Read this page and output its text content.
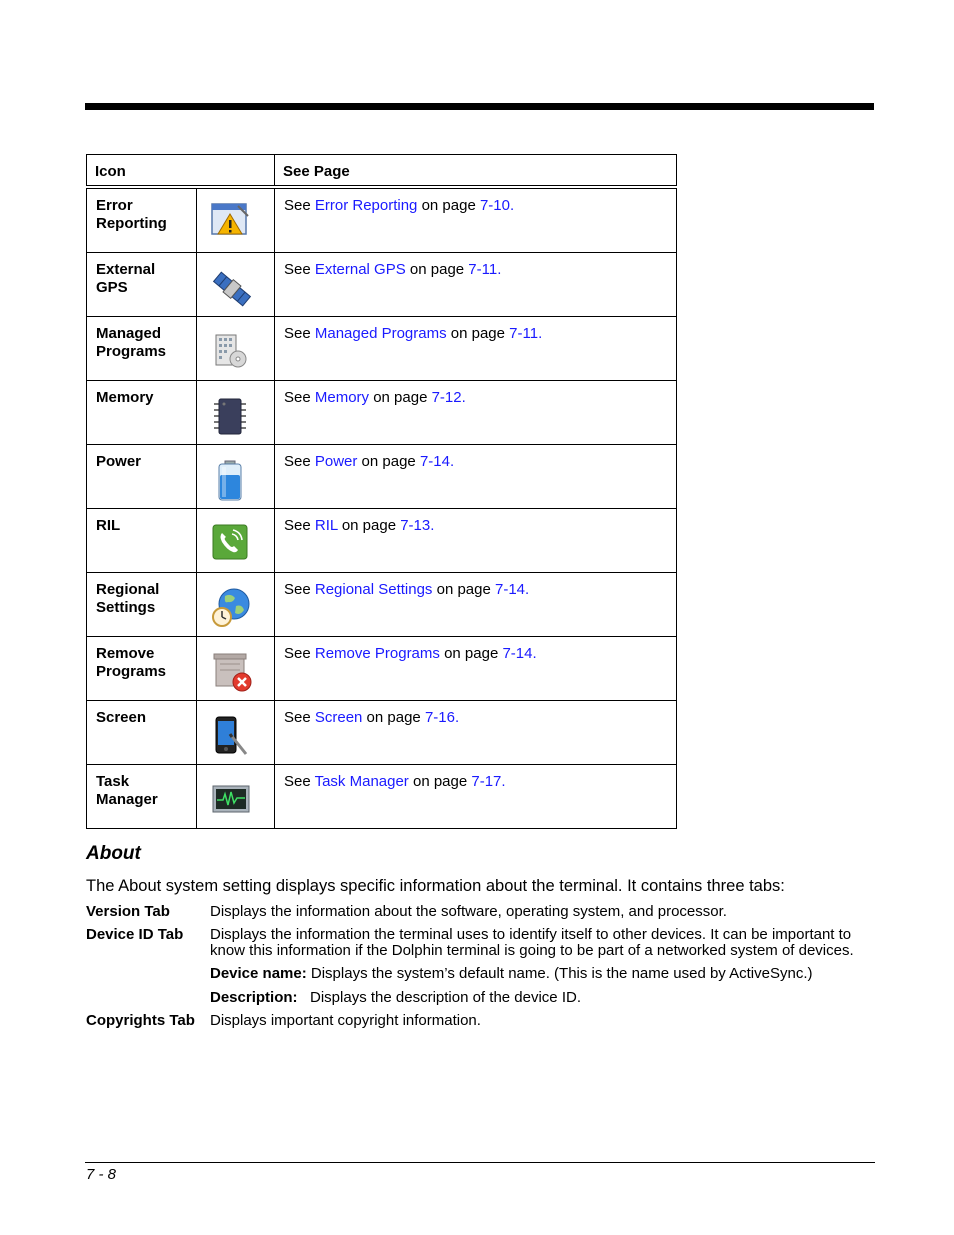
Icon		See Page

Error
Reporting		See Error Reporting on page 7-10.

External
GPS		See External GPS on page 7-11.

Managed
Programs		See Managed Programs on page 7-11.

Memory		See Memory on page 7-12.

Power		See Power on page 7-14.

RIL		See RIL on page 7-13.

Regional
Settings		See Regional Settings on page 7-14.

Remove
Programs		See Remove Programs on page 7-14.

Screen		See Screen on page 7-16.

Task
Manager		See Task Manager on page 7-17.
About
The About system setting displays specific information about the terminal. It contains three tabs:
Version Tab	Displays the information about the software, operating system, and processor.
Device ID Tab Displays the information the terminal uses to identify itself to other devices. It can be important to know this information if the Dolphin terminal is going to be part of a networked system of devices.
Device name: Displays the system’s default name. (This is the name used by ActiveSync.)
Description:   Displays the description of the device ID.
Copyrights Tab Displays important copyright information.
7 - 8
